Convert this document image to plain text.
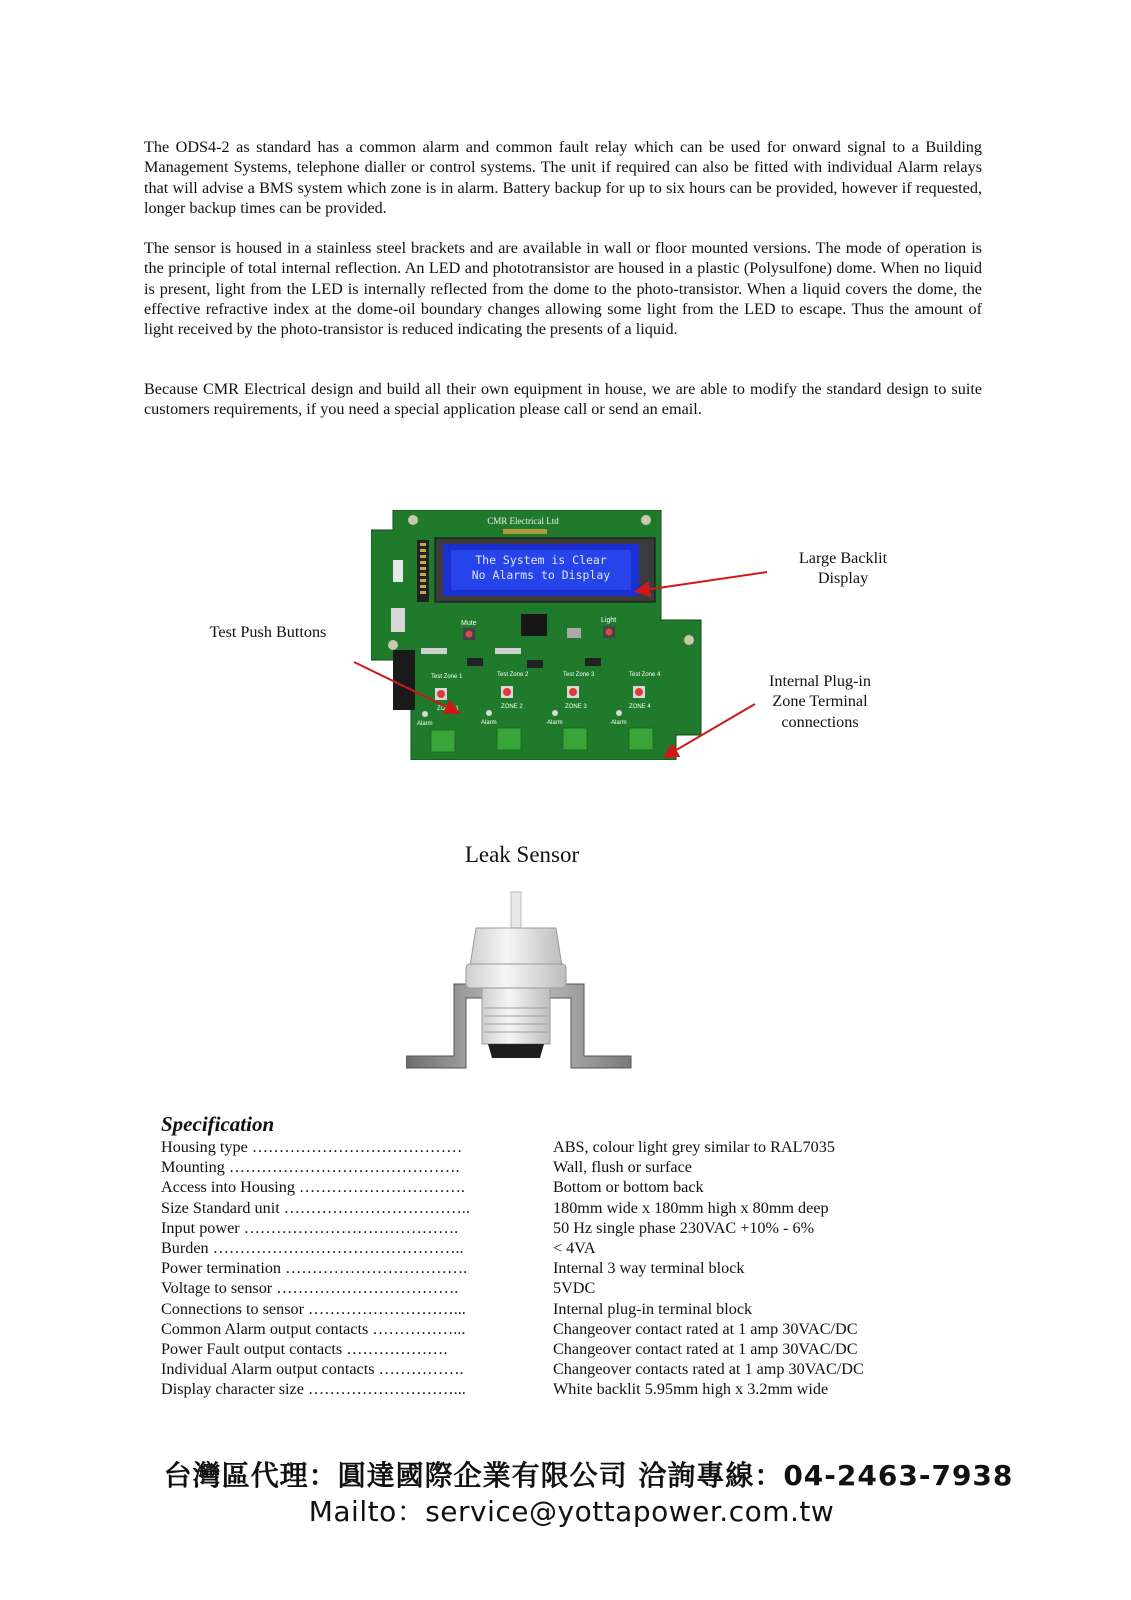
The ODS4-2 as standard has a common alarm and common fault relay which can be used for onward signal to a Building Management Systems, telephone dialler or control systems. The unit if required can also be fitted with individual Alarm relays that will advise a BMS system which zone is in alarm. Battery backup for up to six hours can be provided, however if requested, longer backup times can be provided.

The sensor is housed in a stainless steel brackets and are available in wall or floor mounted versions. The mode of operation is the principle of total internal reflection. An LED and phototransistor are housed in a plastic (Polysulfone) dome. When no liquid is present, light from the LED is internally reflected from the dome to the photo-transistor. When a liquid covers the dome, the effective refractive index at the dome-oil boundary changes allowing some light from the LED to escape. Thus the amount of light received by the photo-transistor is reduced indicating the presents of a liquid.

Because CMR Electrical design and build all their own equipment in house, we are able to modify the standard design to suite customers requirements, if you need a special application please call or send an email.

CMR Electrical Ltd
The System is Clear
No Alarms to Display
Mute	Light
Test Zone 1	Test Zone 2	Test Zone 3	Test Zone 4
ZONE 1	ZONE 2	ZONE 3	ZONE 4
Alarm	Alarm	Alarm	Alarm
Large Backlit
Display
Test Push Buttons
Internal Plug-in
Zone Terminal
connections
Leak Sensor
Specification
Housing type …………………………………	ABS, colour light grey similar to RAL7035
Mounting …………………………………….	Wall, flush or surface
Access into Housing ………………………….	Bottom or bottom back
Size Standard unit ……………………………..	180mm wide x 180mm high x 80mm deep
Input power ………………………………….	50 Hz single phase 230VAC +10% - 6%
Burden ………………………………………..	< 4VA
Power termination …………………………….	Internal 3 way terminal block
Voltage to sensor …………………………….	5VDC
Connections to sensor ………………………...	Internal plug-in terminal block
Common Alarm output contacts ……………...	Changeover contact rated at 1 amp 30VAC/DC
Power Fault output contacts ……………….	Changeover contact rated at 1 amp 30VAC/DC
Individual Alarm output contacts …………….	Changeover contacts rated at 1 amp 30VAC/DC
Display character size ………………………...	White backlit 5.95mm high x 3.2mm wide
台灣區代理：圓達國際企業有限公司 洽詢專線：04-2463-7938
Mailto：service@yottapower.com.tw
